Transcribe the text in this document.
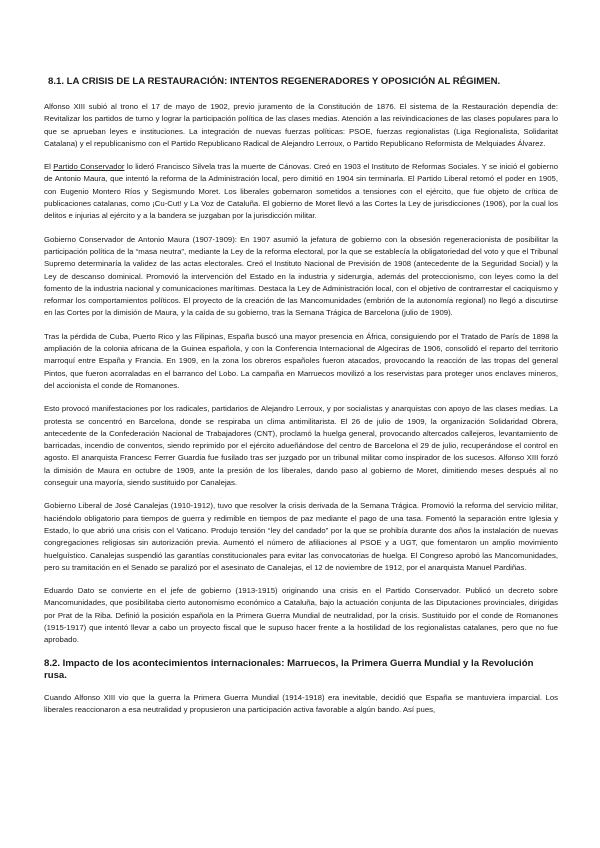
8.1. LA CRISIS DE LA RESTAURACIÓN: INTENTOS REGENERADORES Y OPOSICIÓN AL RÉGIMEN.

Alfonso XIII subió al trono el 17 de mayo de 1902, previo juramento de la Constitución de 1876. El sistema de la Restauración dependía de: Revitalizar los partidos de turno y lograr la participación política de las clases medias. Atención a las reivindicaciones de las clases populares para lo que se aprueban leyes e instituciones. La integración de nuevas fuerzas políticas: PSOE, fuerzas regionalistas (Liga Regionalista, Solidaritat Catalana) y el republicanismo con el Partido Republicano Radical de Alejandro Lerroux, o Partido Republicano Reformista de Melquiades Álvarez.

El Partido Conservador lo lideró Francisco Silvela tras la muerte de Cánovas. Creó en 1903 el Instituto de Reformas Sociales. Y se inició el gobierno de Antonio Maura, que intentó la reforma de la Administración local, pero dimitió en 1904 sin terminarla. El Partido Liberal retomó el poder en 1905, con Eugenio Montero Ríos y Segismundo Moret. Los liberales gobernaron sometidos a tensiones con el ejército, que fue objeto de crítica de publicaciones catalanas, como ¡Cu-Cut! y La Voz de Cataluña. El gobierno de Moret llevó a las Cortes la Ley de jurisdicciones (1906), por la cual los delitos e injurias al ejército y a la bandera se juzgaban por la jurisdicción militar.

Gobierno Conservador de Antonio Maura (1907-1909): En 1907 asumió la jefatura de gobierno con la obsesión regeneracionista de posibilitar la participación política de la “masa neutra”, mediante la Ley de la reforma electoral, por la que se establecía la obligatoriedad del voto y que el Tribunal Supremo determinaría la validez de las actas electorales. Creó el Instituto Nacional de Previsión de 1908 (antecedente de la Seguridad Social) y la Ley de descanso dominical. Promovió la intervención del Estado en la industria y siderurgia, además del proteccionismo, con leyes como la del fomento de la industria nacional y comunicaciones marítimas. Destaca la Ley de Administración local, con el objetivo de contrarrestar el caciquismo y reformar los comportamientos políticos. El proyecto de la creación de las Mancomunidades (embrión de la autonomía regional) no llegó a discutirse en las Cortes por la dimisión de Maura, y la caída de su gobierno, tras la Semana Trágica de Barcelona (julio de 1909).

Tras la pérdida de Cuba, Puerto Rico y las Filipinas, España buscó una mayor presencia en África, consiguiendo por el Tratado de París de 1898 la ampliación de la colonia africana de la Guinea española, y con la Conferencia Internacional de Algeciras de 1906, consolidó el reparto del territorio marroquí entre España y Francia. En 1909, en la zona los obreros españoles fueron atacados, provocando la reacción de las tropas del general Pintos, que fueron acorraladas en el barranco del Lobo. La campaña en Marruecos movilizó a los reservistas para proteger unos enclaves mineros, del accionista el conde de Romanones.

Esto provocó manifestaciones por los radicales, partidarios de Alejandro Lerroux, y por socialistas y anarquistas con apoyo de las clases medias. La protesta se concentró en Barcelona, donde se respiraba un clima antimilitarista. El 26 de julio de 1909, la organización Solidaridad Obrera, antecedente de la Confederación Nacional de Trabajadores (CNT), proclamó la huelga general, provocando altercados callejeros, levantamiento de barricadas, incendio de conventos, siendo reprimido por el ejército adueñándose del centro de Barcelona el 29 de julio, recuperándose el control en agosto. El anarquista Francesc Ferrer Guardia fue fusilado tras ser juzgado por un tribunal militar como inspirador de los sucesos. Alfonso XIII forzó la dimisión de Maura en octubre de 1909, ante la presión de los liberales, dando paso al gobierno de Moret, dimitiendo meses después al no conseguir una mayoría, siendo sustituido por Canalejas.

Gobierno Liberal de José Canalejas (1910-1912), tuvo que resolver la crisis derivada de la Semana Trágica. Promovió la reforma del servicio militar, haciéndolo obligatorio para tiempos de guerra y redimible en tiempos de paz mediante el pago de una tasa. Fomentó la separación entre Iglesia y Estado, lo que abrió una crisis con el Vaticano. Produjo tensión “ley del candado” por la que se prohibía durante dos años la instalación de nuevas congregaciones religiosas sin autorización previa. Aumentó el número de afiliaciones al PSOE y a UGT, que fomentaron un amplio movimiento huelguístico. Canalejas suspendió las garantías constitucionales para evitar las convocatorias de huelga. El Congreso aprobó las Mancomunidades, pero su tramitación en el Senado se paralizó por el asesinato de Canalejas, el 12 de noviembre de 1912, por el anarquista Manuel Pardiñas.

Eduardo Dato se convierte en el jefe de gobierno (1913-1915) originando una crisis en el Partido Conservador. Publicó un decreto sobre Mancomunidades, que posibilitaba cierto autonomismo económico a Cataluña, bajo la actuación conjunta de las Diputaciones provinciales, dirigidas por Prat de la Riba. Definió la posición española en la Primera Guerra Mundial de neutralidad, por la crisis. Sustituido por el conde de Romanones (1915-1917) que intentó llevar a cabo un proyecto fiscal que le supuso hacer frente a la hostilidad de los regionalistas catalanes, pero que no fue aprobado.

8.2. Impacto de los acontecimientos internacionales: Marruecos, la Primera Guerra Mundial y la Revolución rusa.

Cuando Alfonso XIII vio que la guerra la Primera Guerra Mundial (1914-1918) era inevitable, decidió que España se mantuviera imparcial. Los liberales reaccionaron a esa neutralidad y propusieron una participación activa favorable a algún bando. Así pues,
